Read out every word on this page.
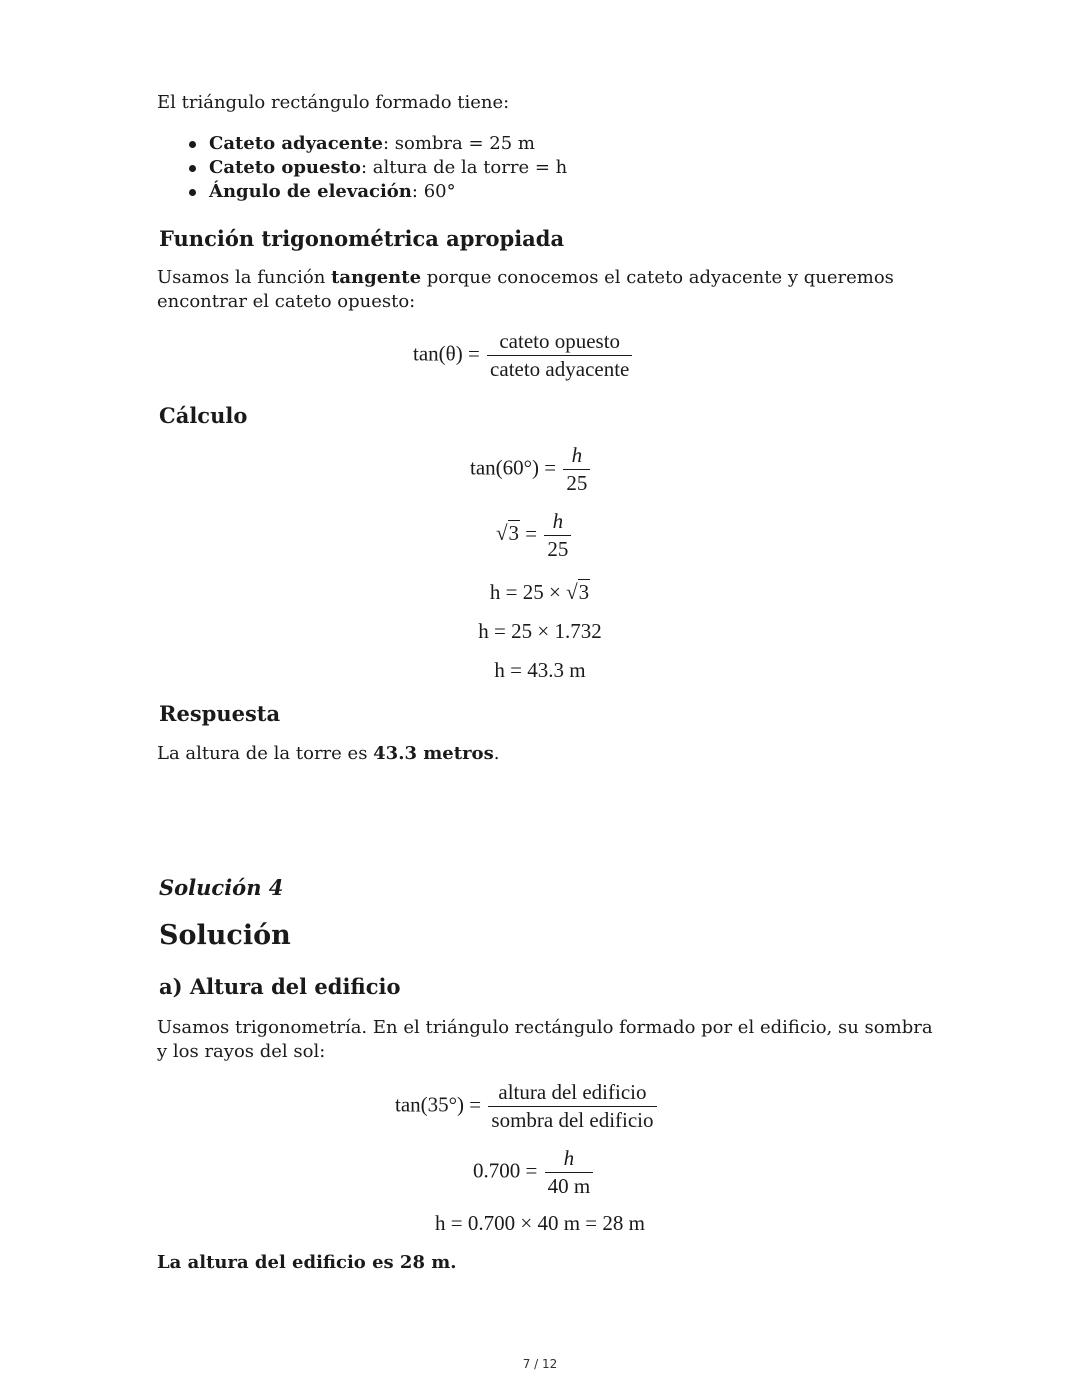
El triángulo rectángulo formado tiene:
Cateto adyacente: sombra = 25 m
Cateto opuesto: altura de la torre = h
Ángulo de elevación: 60°
Función trigonométrica apropiada
Usamos la función tangente porque conocemos el cateto adyacente y queremos encontrar el cateto opuesto:
$\tan(\theta) = \frac{\text{cateto opuesto}}{\text{cateto adyacente}}$
Cálculo
$\tan(60^\circ) = \frac{h}{25}$
$√3 = \frac{h}{25}$
h = 25 × √3
h = 25 × 1.732
h = 43.3 m
Respuesta
La altura de la torre es 43.3 metros.
Solución 4
Solución
a) Altura del edificio
Usamos trigonometría. En el triángulo rectángulo formado por el edificio, su sombra y los rayos del sol:
$\tan(35^\circ) = \frac{\text{altura del edificio}}{\text{sombra del edificio}}$
$0.700 = \frac{h}{40 m}$
h = 0.700 × 40 m = 28 m
La altura del edificio es 28 m.
7 / 12
